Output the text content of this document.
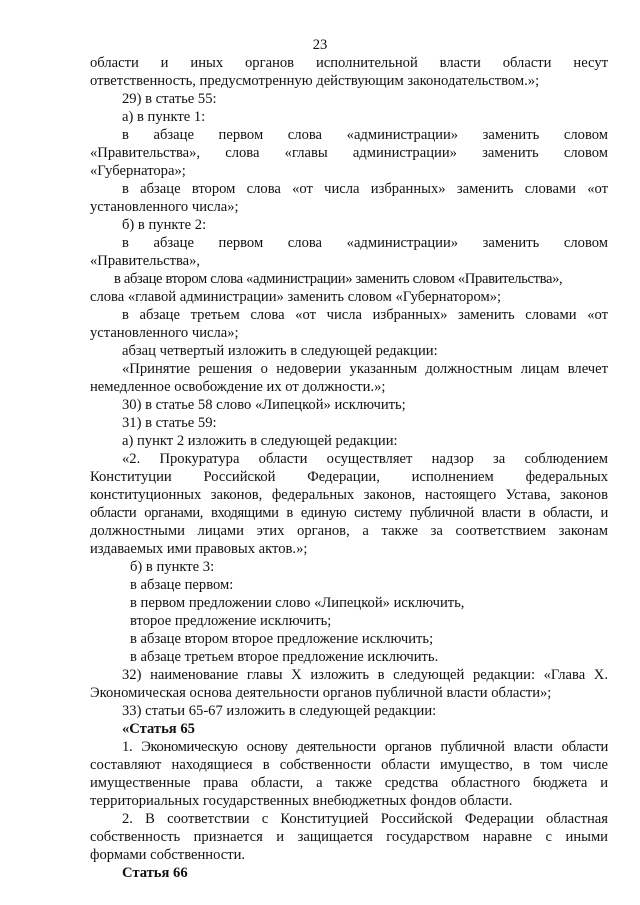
23
области и иных органов исполнительной власти области несут
ответственность, предусмотренную действующим законодательством.»;
29) в статье 55:
а) в пункте 1:
в абзаце первом слова «администрации» заменить словом
«Правительства», слова «главы администрации» заменить словом
«Губернатора»;
в абзаце втором слова «от числа избранных» заменить словами «от
установленного числа»;
б) в пункте 2:
в абзаце первом слова «администрации» заменить словом
«Правительства»,
в абзаце втором слова «администрации» заменить словом «Правительства»,
слова «главой администрации» заменить словом «Губернатором»;
в абзаце третьем слова «от числа избранных» заменить словами «от
установленного числа»;
абзац четвертый изложить в следующей редакции:
«Принятие решения о недоверии указанным должностным лицам влечет
немедленное освобождение их от должности.»;
30) в статье 58 слово «Липецкой» исключить;
31) в статье 59:
а) пункт 2 изложить в следующей редакции:
«2. Прокуратура области осуществляет надзор за соблюдением
Конституции Российской Федерации, исполнением федеральных
конституционных законов, федеральных законов, настоящего Устава, законов
области органами, входящими в единую систему публичной власти в области, и
должностными лицами этих органов, а также за соответствием законам
издаваемых ими правовых актов.»;
б) в пункте 3:
в абзаце первом:
в первом предложении слово «Липецкой» исключить,
второе предложение исключить;
в абзаце втором второе предложение исключить;
в абзаце третьем второе предложение исключить.
32) наименование главы X изложить в следующей редакции: «Глава X.
Экономическая основа деятельности органов публичной власти области»;
33) статьи 65-67 изложить в следующей редакции:
«Статья 65
1. Экономическую основу деятельности органов публичной власти области
составляют находящиеся в собственности области имущество, в том числе
имущественные права области, а также средства областного бюджета и
территориальных государственных внебюджетных фондов области.
2. В соответствии с Конституцией Российской Федерации областная
собственность признается и защищается государством наравне с иными
формами собственности.
Статья 66
